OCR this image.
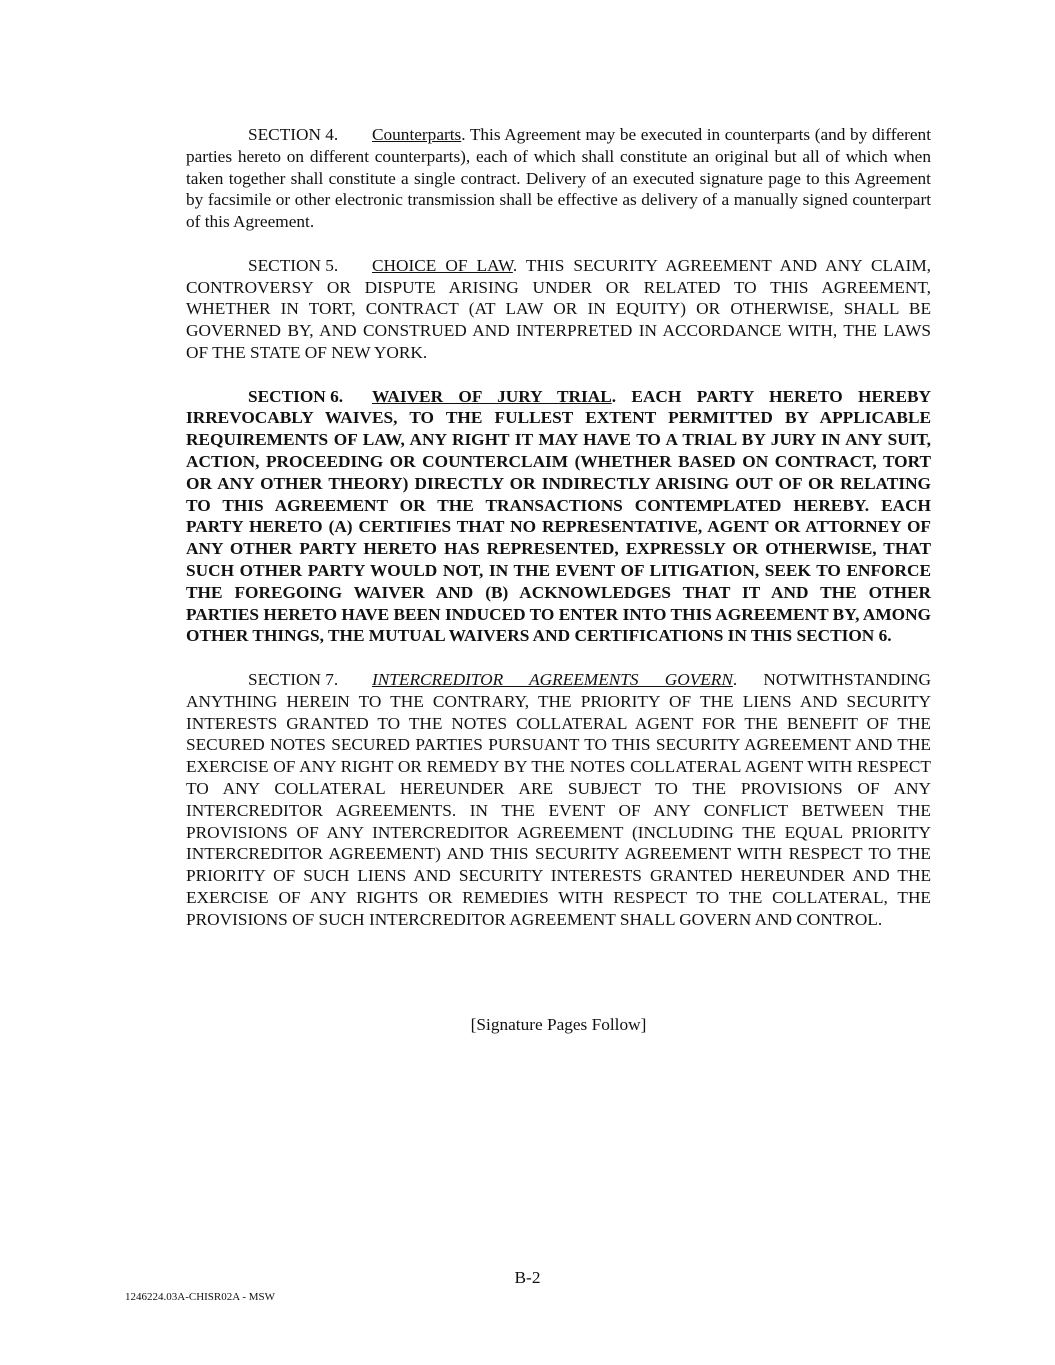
SECTION 4. Counterparts. This Agreement may be executed in counterparts (and by different parties hereto on different counterparts), each of which shall constitute an original but all of which when taken together shall constitute a single contract. Delivery of an executed signature page to this Agreement by facsimile or other electronic transmission shall be effective as delivery of a manually signed counterpart of this Agreement.

SECTION 5. CHOICE OF LAW. THIS SECURITY AGREEMENT AND ANY CLAIM, CONTROVERSY OR DISPUTE ARISING UNDER OR RELATED TO THIS AGREEMENT, WHETHER IN TORT, CONTRACT (AT LAW OR IN EQUITY) OR OTHERWISE, SHALL BE GOVERNED BY, AND CONSTRUED AND INTERPRETED IN ACCORDANCE WITH, THE LAWS OF THE STATE OF NEW YORK.

SECTION 6. WAIVER OF JURY TRIAL. EACH PARTY HERETO HEREBY IRREVOCABLY WAIVES, TO THE FULLEST EXTENT PERMITTED BY APPLICABLE REQUIREMENTS OF LAW, ANY RIGHT IT MAY HAVE TO A TRIAL BY JURY IN ANY SUIT, ACTION, PROCEEDING OR COUNTERCLAIM (WHETHER BASED ON CONTRACT, TORT OR ANY OTHER THEORY) DIRECTLY OR INDIRECTLY ARISING OUT OF OR RELATING TO THIS AGREEMENT OR THE TRANSACTIONS CONTEMPLATED HEREBY. EACH PARTY HERETO (A) CERTIFIES THAT NO REPRESENTATIVE, AGENT OR ATTORNEY OF ANY OTHER PARTY HERETO HAS REPRESENTED, EXPRESSLY OR OTHERWISE, THAT SUCH OTHER PARTY WOULD NOT, IN THE EVENT OF LITIGATION, SEEK TO ENFORCE THE FOREGOING WAIVER AND (B) ACKNOWLEDGES THAT IT AND THE OTHER PARTIES HERETO HAVE BEEN INDUCED TO ENTER INTO THIS AGREEMENT BY, AMONG OTHER THINGS, THE MUTUAL WAIVERS AND CERTIFICATIONS IN THIS SECTION 6.

SECTION 7. INTERCREDITOR AGREEMENTS GOVERN. NOTWITHSTANDING ANYTHING HEREIN TO THE CONTRARY, THE PRIORITY OF THE LIENS AND SECURITY INTERESTS GRANTED TO THE NOTES COLLATERAL AGENT FOR THE BENEFIT OF THE SECURED NOTES SECURED PARTIES PURSUANT TO THIS SECURITY AGREEMENT AND THE EXERCISE OF ANY RIGHT OR REMEDY BY THE NOTES COLLATERAL AGENT WITH RESPECT TO ANY COLLATERAL HEREUNDER ARE SUBJECT TO THE PROVISIONS OF ANY INTERCREDITOR AGREEMENTS. IN THE EVENT OF ANY CONFLICT BETWEEN THE PROVISIONS OF ANY INTERCREDITOR AGREEMENT (INCLUDING THE EQUAL PRIORITY INTERCREDITOR AGREEMENT) AND THIS SECURITY AGREEMENT WITH RESPECT TO THE PRIORITY OF SUCH LIENS AND SECURITY INTERESTS GRANTED HEREUNDER AND THE EXERCISE OF ANY RIGHTS OR REMEDIES WITH RESPECT TO THE COLLATERAL, THE PROVISIONS OF SUCH INTERCREDITOR AGREEMENT SHALL GOVERN AND CONTROL.

[Signature Pages Follow]
B-2
1246224.03A-CHISR02A - MSW
